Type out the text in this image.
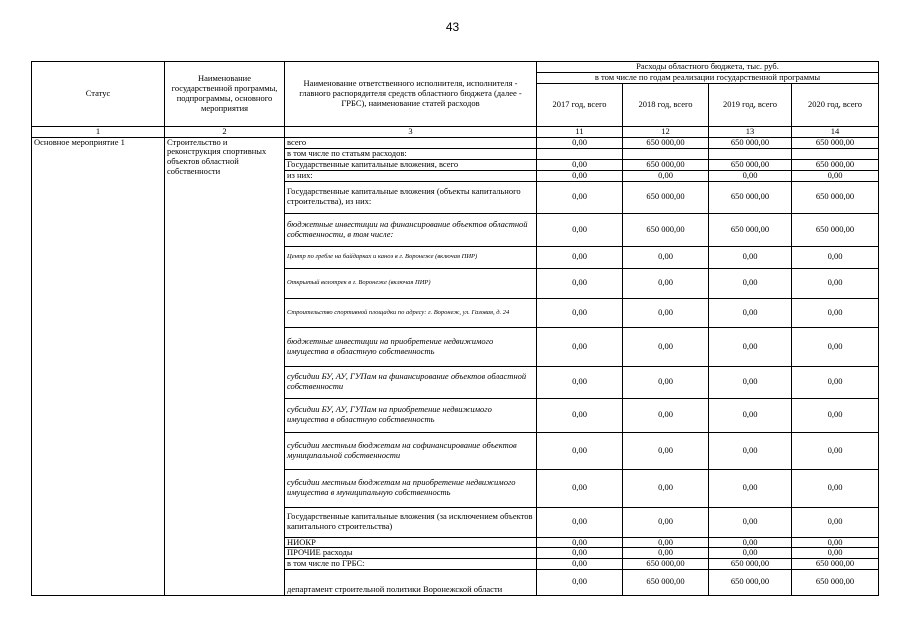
43
Статус	Наименование государственной программы, подпрограммы, основного мероприятия	Наименование ответственного исполнителя, исполнителя - главного распорядителя средств областного бюджета (далее - ГРБС), наименование статей расходов	Расходы областного бюджета, тыс. руб.			
			в том числе по годам реализации государственной программы			
			2017 год, всего	2018 год, всего	2019 год, всего	2020 год, всего
1	2	3	11	12	13	14
Основное мероприятие 1	Строительство и реконструкция спортивных объектов областной собственности	всего	0,00	650 000,00	650 000,00	650 000,00
		в том числе по статьям расходов:				
		Государственные капитальные вложения, всего	0,00	650 000,00	650 000,00	650 000,00
		из них:	0,00	0,00	0,00	0,00
		Государственные капитальные вложения (объекты капитального строительства), из них:	0,00	650 000,00	650 000,00	650 000,00
		бюджетные инвестиции на финансирование объектов областной собственности, в том числе:	0,00	650 000,00	650 000,00	650 000,00
		Центр по гребле на байдарках и каноэ в г. Воронеже (включая ПИР)	0,00	0,00	0,00	0,00
		Открытый велотрек в г. Воронеже (включая ПИР)	0,00	0,00	0,00	0,00
		Строительство спортивной площадки по адресу: г. Воронеж, ул. Газовая, д. 24	0,00	0,00	0,00	0,00
		бюджетные инвестиции на приобретение недвижимого имущества в областную собственность	0,00	0,00	0,00	0,00
		субсидии БУ, АУ, ГУПам на финансирование объектов областной собственности	0,00	0,00	0,00	0,00
		субсидии БУ, АУ, ГУПам на приобретение недвижимого имущества в областную собственность	0,00	0,00	0,00	0,00
		субсидии местным бюджетам на софинансирование объектов муниципальной собственности	0,00	0,00	0,00	0,00
		субсидии местным бюджетам на приобретение недвижимого имущества в муниципальную собственность	0,00	0,00	0,00	0,00
		Государственные капитальные вложения (за исключением объектов капитального строительства)	0,00	0,00	0,00	0,00
		НИОКР	0,00	0,00	0,00	0,00
		ПРОЧИЕ расходы	0,00	0,00	0,00	0,00
		в том числе по ГРБС:	0,00	650 000,00	650 000,00	650 000,00
		департамент строительной политики Воронежской области	0,00	650 000,00	650 000,00	650 000,00
